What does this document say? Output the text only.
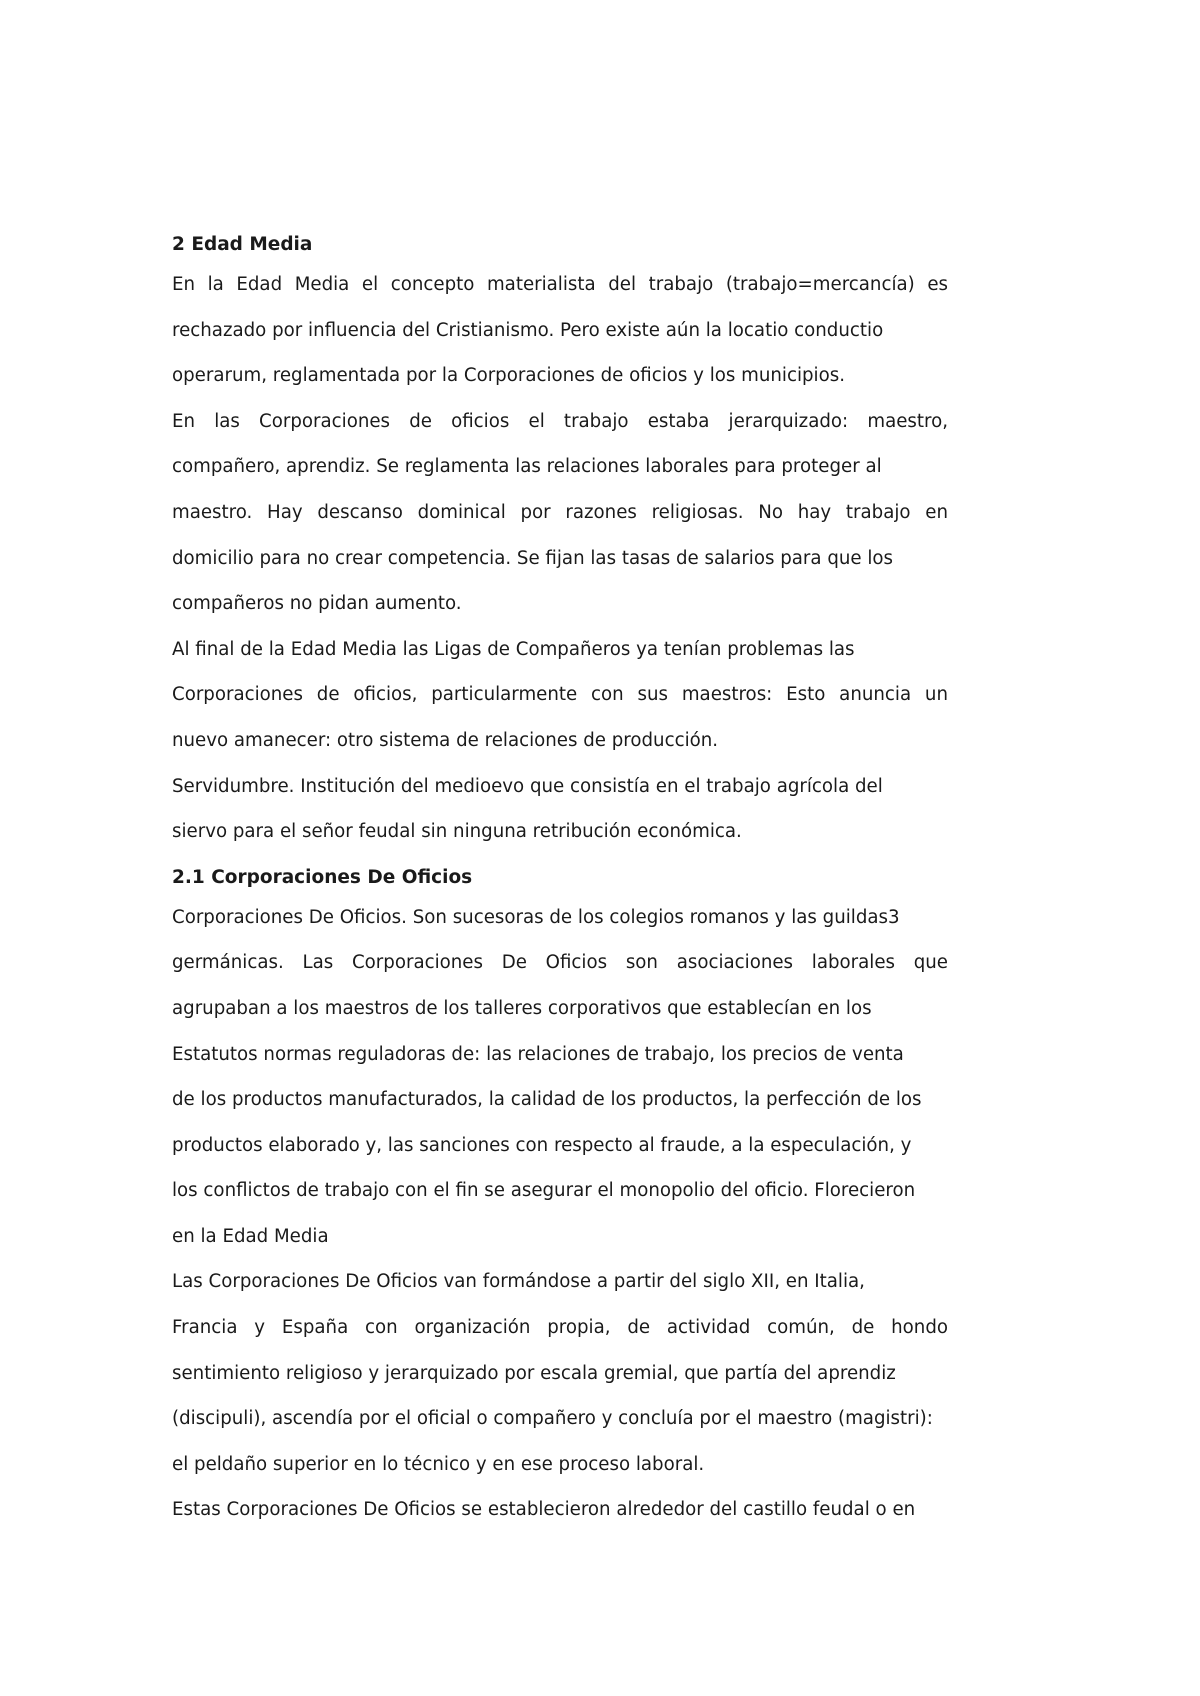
2 Edad Media

En la Edad Media el concepto materialista del trabajo (trabajo=mercancía) es

rechazado por influencia del Cristianismo. Pero existe aún la locatio conductio

operarum, reglamentada por la Corporaciones de oficios y los municipios.

En las Corporaciones de oficios el trabajo estaba jerarquizado: maestro,

compañero, aprendiz. Se reglamenta las relaciones laborales para proteger al

maestro. Hay descanso dominical por razones religiosas. No hay trabajo en

domicilio para no crear competencia. Se fijan las tasas de salarios para que los

compañeros no pidan aumento.

Al final de la Edad Media las Ligas de Compañeros ya tenían problemas las

Corporaciones de oficios, particularmente con sus maestros: Esto anuncia un

nuevo amanecer: otro sistema de relaciones de producción.

Servidumbre. Institución del medioevo que consistía en el trabajo agrícola del

siervo para el señor feudal sin ninguna retribución económica.

2.1 Corporaciones De Oficios

Corporaciones De Oficios. Son sucesoras de los colegios romanos y las guildas3

germánicas. Las Corporaciones De Oficios son asociaciones laborales que

agrupaban a los maestros de los talleres corporativos que establecían en los

Estatutos normas reguladoras de: las relaciones de trabajo, los precios de venta

de los productos manufacturados, la calidad de los productos, la perfección de los

productos elaborado y, las sanciones con respecto al fraude, a la especulación, y

los conflictos de trabajo con el fin se asegurar el monopolio del oficio. Florecieron

en la Edad Media

Las Corporaciones De Oficios van formándose a partir del siglo XII, en Italia,

Francia y España con organización propia, de actividad común, de hondo

sentimiento religioso y jerarquizado por escala gremial, que partía del aprendiz

(discipuli), ascendía por el oficial o compañero y concluía por el maestro (magistri):

el peldaño superior en lo técnico y en ese proceso laboral.

Estas Corporaciones De Oficios se establecieron alrededor del castillo feudal o en
